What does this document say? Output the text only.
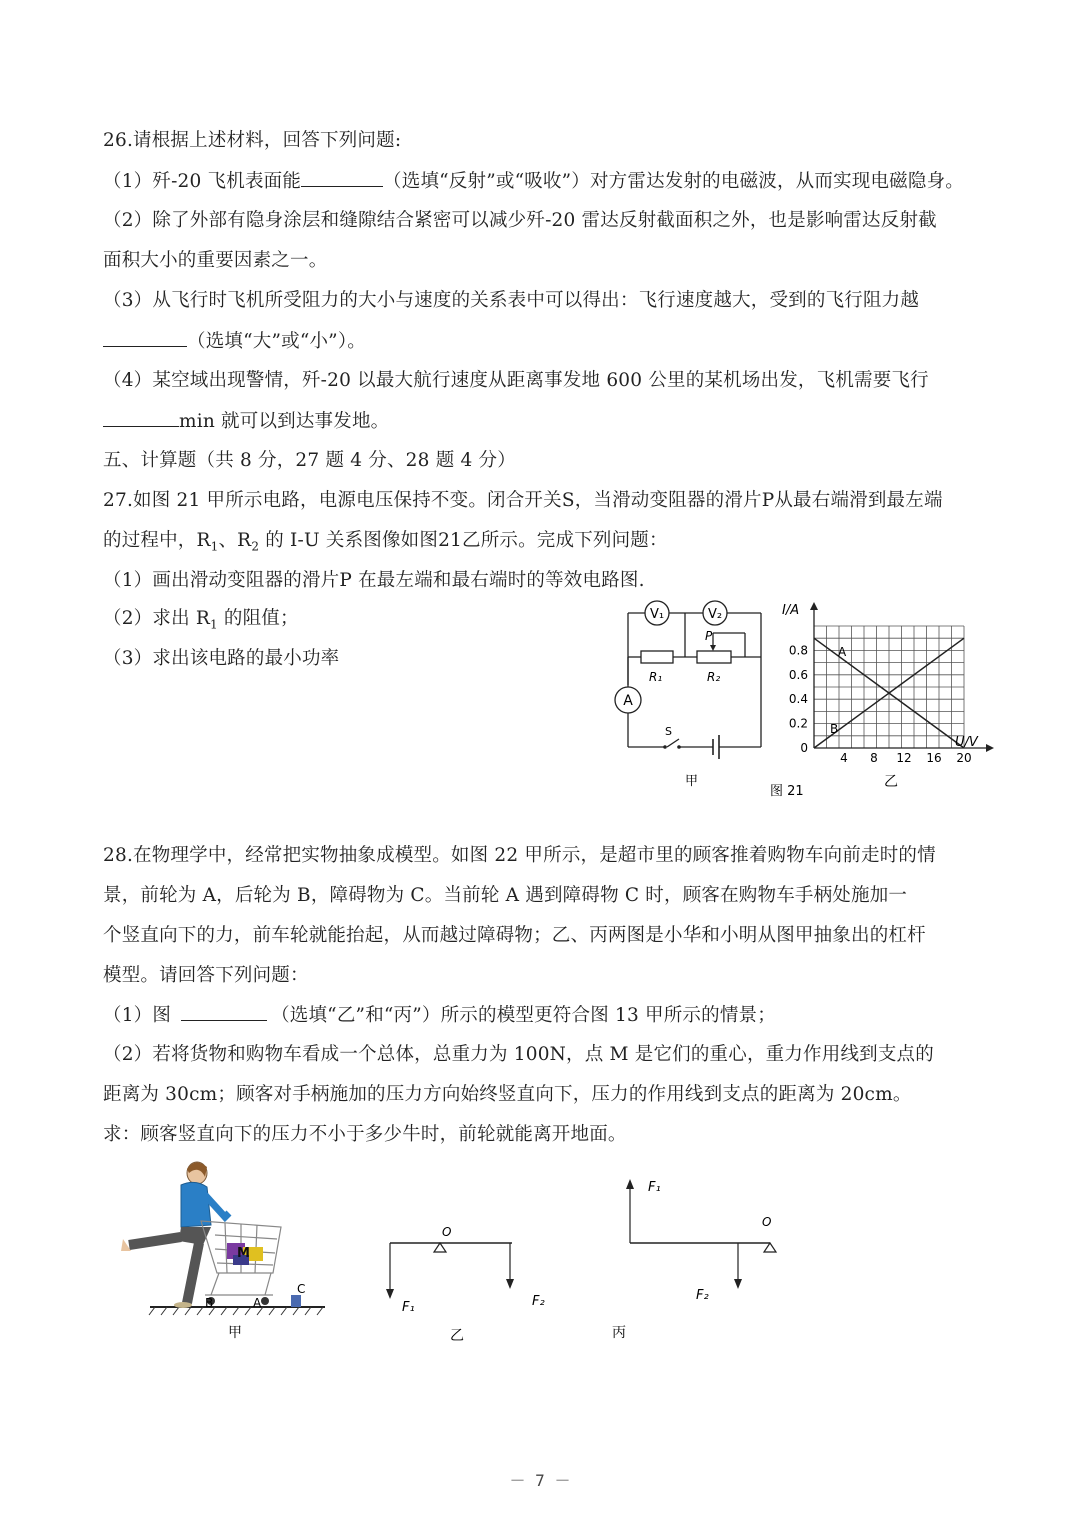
26.请根据上述材料，回答下列问题:
（1）歼-20 飞机表面能	（选填“反射”或“吸收”）对方雷达发射的电磁波，从而实现电磁隐身。
（2）除了外部有隐身涂层和缝隙结合紧密可以减少歼-20 雷达反射截面积之外，也是影响雷达反射截
面积大小的重要因素之一。
（3）从飞行时飞机所受阻力的大小与速度的关系表中可以得出：飞行速度越大，受到的飞行阻力越
（选填“大”或“小”）。
（4）某空域出现警情，歼-20 以最大航行速度从距离事发地 600 公里的某机场出发，飞机需要飞行
min 就可以到达事发地。
五、计算题（共 8 分，27 题 4 分、28 题 4 分）
27.如图 21 甲所示电路，电源电压保持不变。闭合开关S，当滑动变阻器的滑片P从最右端滑到最左端
的过程中，$R_1$、$R_2$ 的 I-U 关系图像如图21乙所示。完成下列问题：
（1）画出滑动变阻器的滑片P 在最左端和最右端时的等效电路图.
（2）求出 $R_1$ 的阻值；
（3）求出该电路的最小功率
V₁	V₂
A
P
R₁	R₂
S
甲
图 21
0
0.2
0.4
0.6
0.8
4 8 12 16 20
I/A
U/V
A
B
乙
28.在物理学中，经常把实物抽象成模型。如图 22 甲所示，是超市里的顾客推着购物车向前走时的情
景，前轮为 A，后轮为 B，障碍物为 C。当前轮 A 遇到障碍物 C 时，顾客在购物车手柄处施加一
个竖直向下的力，前车轮就能抬起，从而越过障碍物；乙、丙两图是小华和小明从图甲抽象出的杠杆
模型。请回答下列问题：
（1）图	（选填“乙”和“丙”）所示的模型更符合图 13 甲所示的情景；
（2）若将货物和购物车看成一个总体，总重力为 100N，点 M 是它们的重心，重力作用线到支点的
距离为 30cm；顾客对手柄施加的压力方向始终竖直向下，压力的作用线到支点的距离为 20cm。
求：顾客竖直向下的压力不小于多少牛时，前轮就能离开地面。
M
B	A
C
甲
O
F₁	F₂
乙
O
F₁
F₂
丙
－ 7 －
